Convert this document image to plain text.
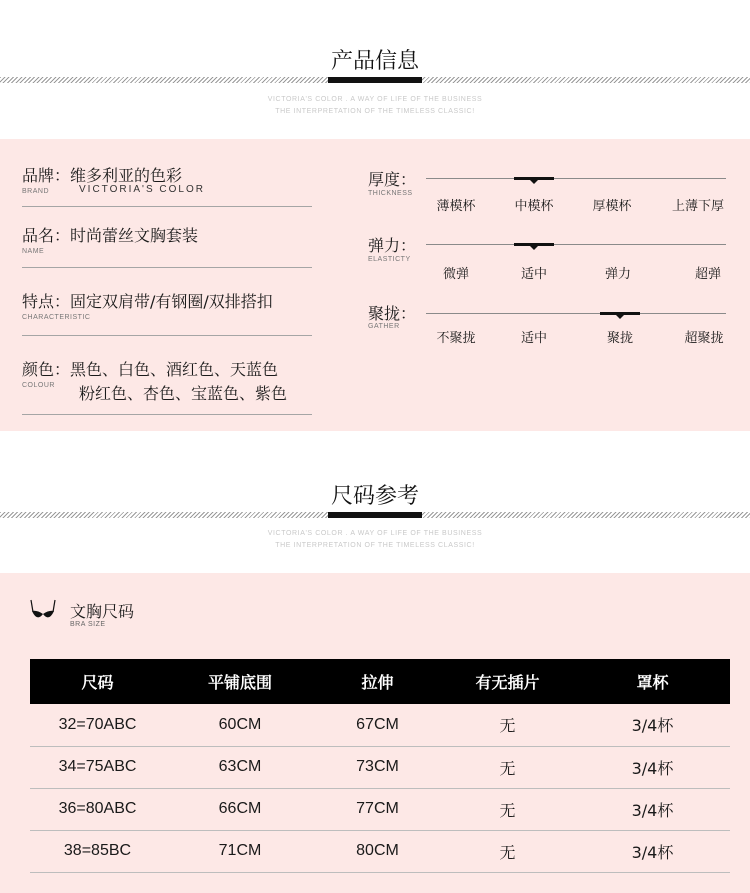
产品信息
VICTORIA'S COLOR . A WAY OF LIFE OF THE BUSINESS
THE INTERPRETATION OF THE TIMELESS CLASSIC!
品牌：维多利亚的色彩
BRAND	VICTORIA'S COLOR
品名：时尚蕾丝文胸套装
NAME
特点：固定双肩带/有钢圈/双排搭扣
CHARACTERISTIC
颜色：黑色、白色、酒红色、天蓝色
COLOUR	粉红色、杏色、宝蓝色、紫色
厚度：
THICKNESS
薄模杯	中模杯	厚模杯	上薄下厚
弹力：
ELASTICTY
微弹	适中	弹力	超弹
聚拢：
GATHER
不聚拢	适中	聚拢	超聚拢
尺码参考
VICTORIA'S COLOR . A WAY OF LIFE OF THE BUSINESS
THE INTERPRETATION OF THE TIMELESS CLASSIC!
文胸尺码
BRA SIZE
尺码	平铺底围	拉伸	有无插片	罩杯
32=70ABC	60CM	67CM	无	3/4杯
34=75ABC	63CM	73CM	无	3/4杯
36=80ABC	66CM	77CM	无	3/4杯
38=85BC	71CM	80CM	无	3/4杯
